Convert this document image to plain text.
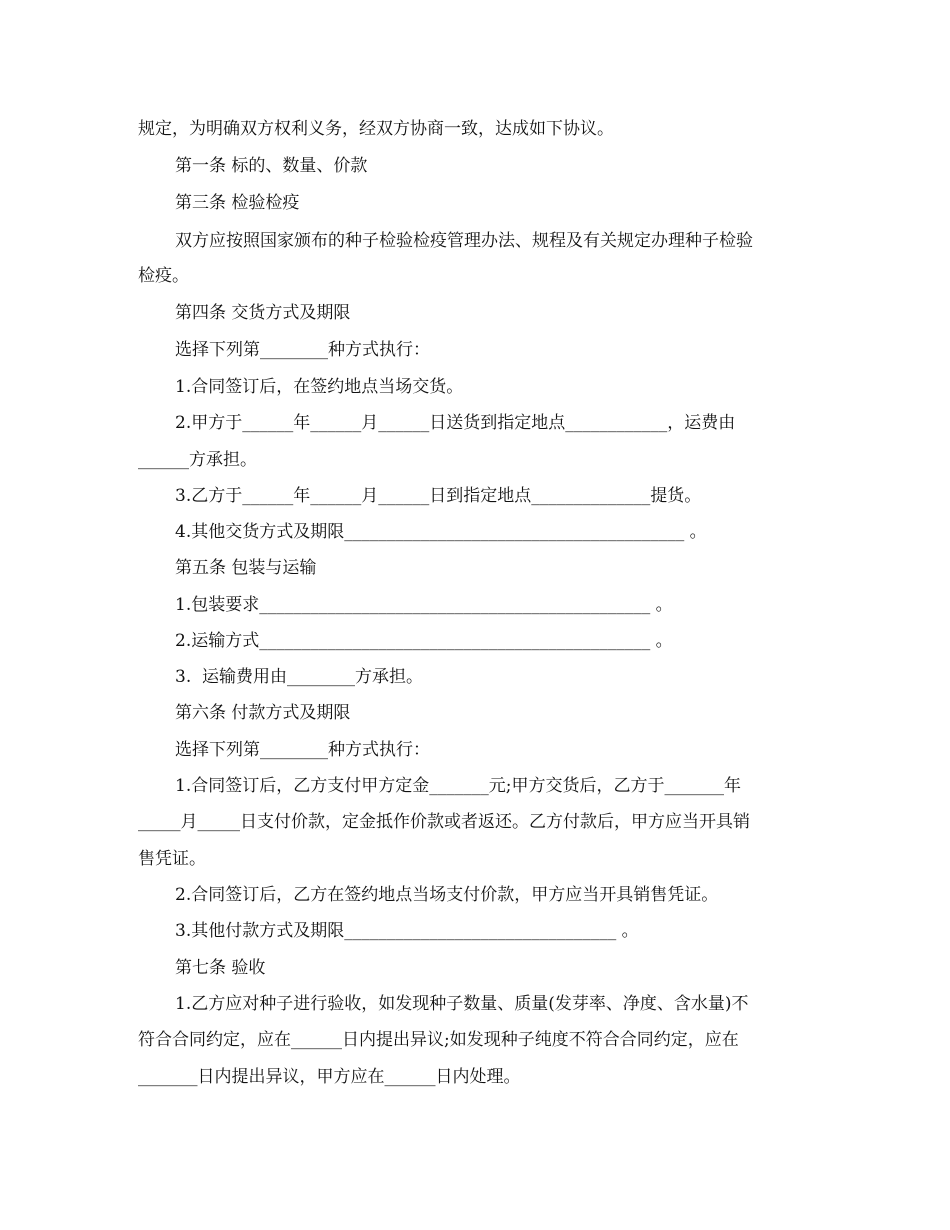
规定，为明确双方权利义务，经双方协商一致，达成如下协议。
第一条 标的、数量、价款
第三条 检验检疫
双方应按照国家颁布的种子检验检疫管理办法、规程及有关规定办理种子检验
检疫。
第四条 交货方式及期限
选择下列第________种方式执行：
1.合同签订后，在签约地点当场交货。
2.甲方于______年______月______日送货到指定地点____________，运费由
______方承担。
3.乙方于______年______月______日到指定地点______________提货。
4.其他交货方式及期限________________________________________ 。
第五条 包装与运输
1.包装要求______________________________________________ 。
2.运输方式______________________________________________ 。
3.  运输费用由________方承担。
第六条 付款方式及期限
选择下列第________种方式执行：
1.合同签订后，乙方支付甲方定金_______元;甲方交货后，乙方于_______年
_____月_____日支付价款，定金抵作价款或者返还。乙方付款后，甲方应当开具销
售凭证。
2.合同签订后，乙方在签约地点当场支付价款，甲方应当开具销售凭证。
3.其他付款方式及期限________________________________ 。
第七条 验收
1.乙方应对种子进行验收，如发现种子数量、质量(发芽率、净度、含水量)不
符合合同约定，应在______日内提出异议;如发现种子纯度不符合合同约定，应在
_______日内提出异议，甲方应在______日内处理。
